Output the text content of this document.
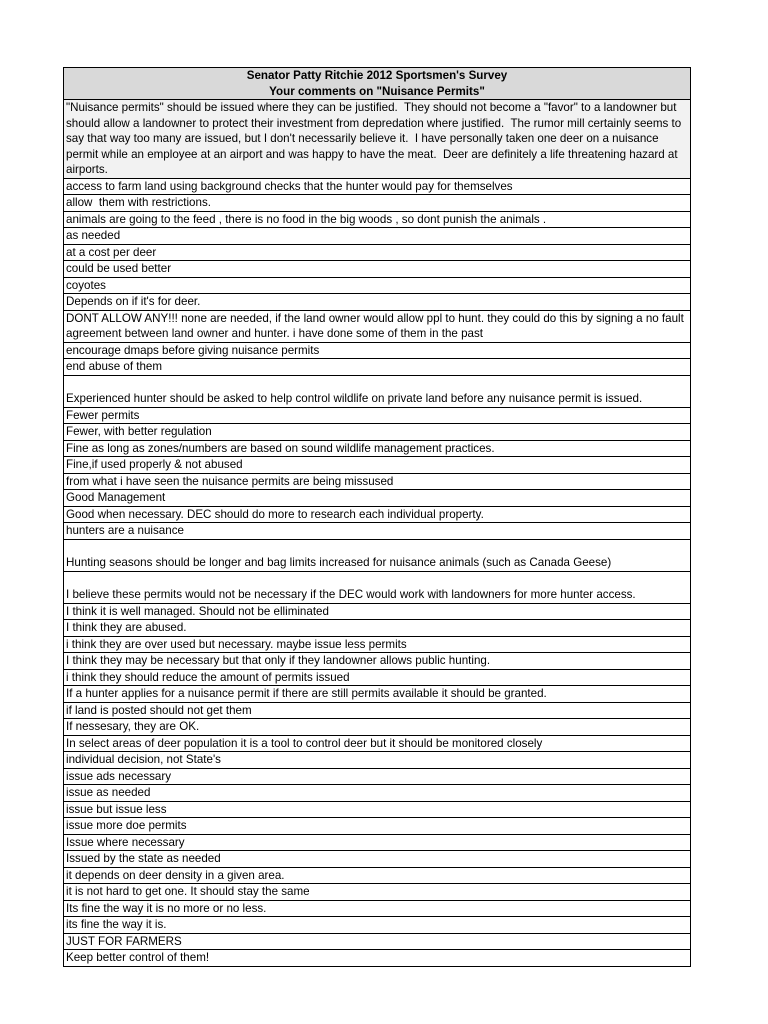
Senator Patty Ritchie 2012 Sportsmen's Survey
Your comments on "Nuisance Permits"
"Nuisance permits" should be issued where they can be justified.  They should not become a "favor" to a landowner but should allow a landowner to protect their investment from depredation where justified.  The rumor mill certainly seems to say that way too many are issued, but I don't necessarily believe it.  I have personally taken one deer on a nuisance permit while an employee at an airport and was happy to have the meat.  Deer are definitely a life threatening hazard at airports.
access to farm land using background checks that the hunter would pay for themselves
allow  them with restrictions.
animals are going to the feed , there is no food in the big woods , so dont punish the animals .
as needed
at a cost per deer
could be used better
coyotes
Depends on if it's for deer.
DONT ALLOW ANY!!! none are needed, if the land owner would allow ppl to hunt. they could do this by signing a no fault agreement between land owner and hunter. i have done some of them in the past
encourage dmaps before giving nuisance permits
end abuse of them
Experienced hunter should be asked to help control wildlife on private land before any nuisance permit is issued.
Fewer permits
Fewer, with better regulation
Fine as long as zones/numbers are based on sound wildlife management practices.
Fine,if used properly & not abused
from what i have seen the nuisance permits are being missused
Good Management
Good when necessary. DEC should do more to research each individual property.
hunters are a nuisance
Hunting seasons should be longer and bag limits increased for nuisance animals (such as Canada Geese)
I believe these permits would not be necessary if the DEC would work with landowners for more hunter access.
I think it is well managed. Should not be elliminated
I think they are abused.
i think they are over used but necessary. maybe issue less permits
I think they may be necessary but that only if they landowner allows public hunting.
i think they should reduce the amount of permits issued
If a hunter applies for a nuisance permit if there are still permits available it should be granted.
if land is posted should not get them
If nessesary, they are OK.
In select areas of deer population it is a tool to control deer but it should be monitored closely
individual decision, not State's
issue ads necessary
issue as needed
issue but issue less
issue more doe permits
Issue where necessary
Issued by the state as needed
it depends on deer density in a given area.
it is not hard to get one. It should stay the same
Its fine the way it is no more or no less.
its fine the way it is.
JUST FOR FARMERS
Keep better control of them!
